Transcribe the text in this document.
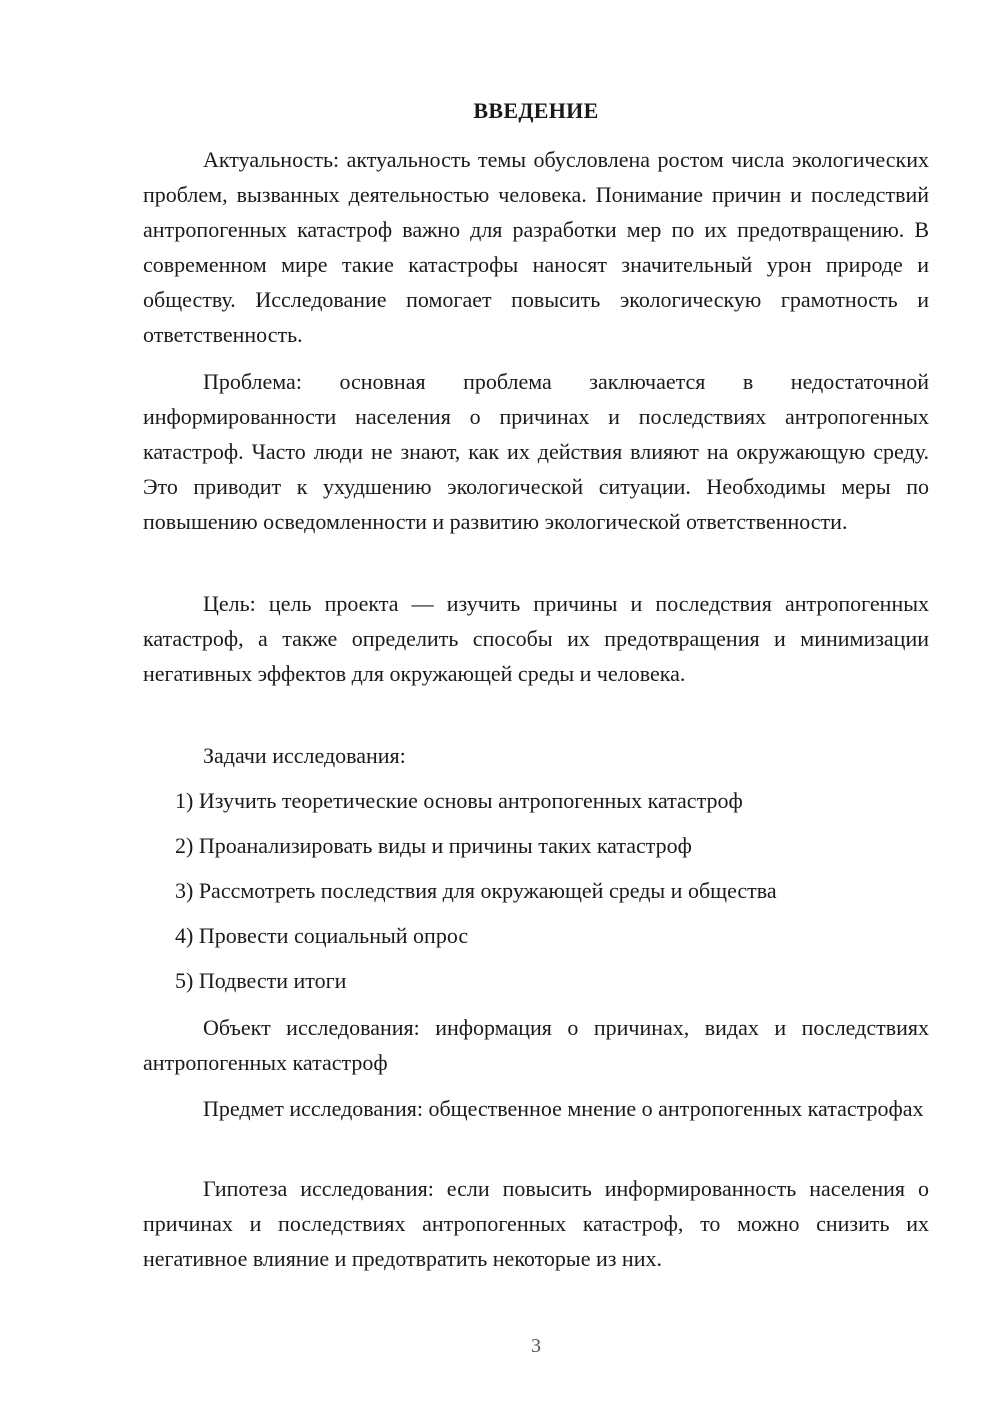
ВВЕДЕНИЕ

Актуальность: актуальность темы обусловлена ростом числа экологических проблем, вызванных деятельностью человека. Понимание причин и последствий антропогенных катастроф важно для разработки мер по их предотвращению. В современном мире такие катастрофы наносят значительный урон природе и обществу. Исследование помогает повысить экологическую грамотность и ответственность.

Проблема: основная проблема заключается в недостаточной информированности населения о причинах и последствиях антропогенных катастроф. Часто люди не знают, как их действия влияют на окружающую среду. Это приводит к ухудшению экологической ситуации. Необходимы меры по повышению осведомленности и развитию экологической ответственности.

Цель: цель проекта — изучить причины и последствия антропогенных катастроф, а также определить способы их предотвращения и минимизации негативных эффектов для окружающей среды и человека.

Задачи исследования:

1) Изучить теоретические основы антропогенных катастроф

2) Проанализировать виды и причины таких катастроф

3) Рассмотреть последствия для окружающей среды и общества

4) Провести социальный опрос

5) Подвести итоги

Объект исследования: информация о причинах, видах и последствиях антропогенных катастроф

Предмет исследования: общественное мнение о антропогенных катастрофах

Гипотеза исследования: если повысить информированность населения о причинах и последствиях антропогенных катастроф, то можно снизить их негативное влияние и предотвратить некоторые из них.

3
